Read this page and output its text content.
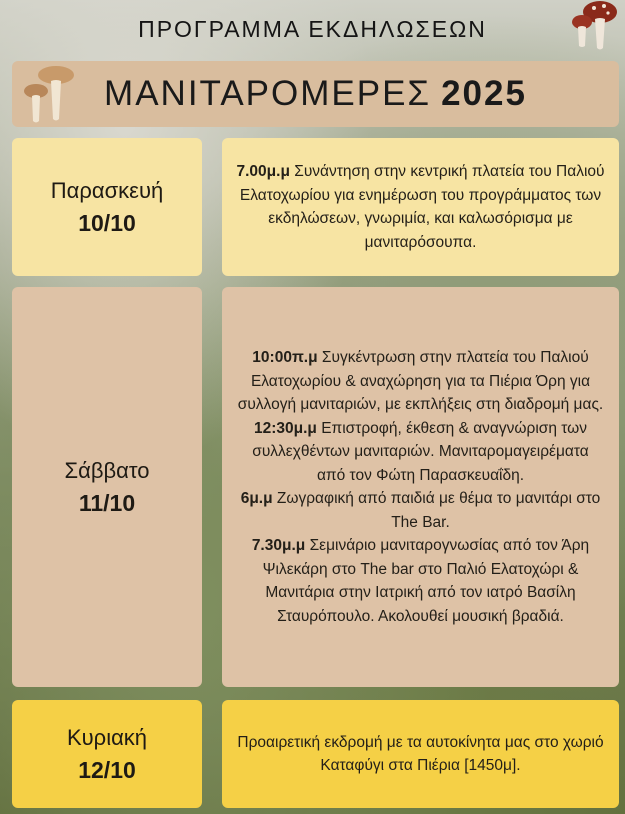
ΠΡΟΓΡΑΜΜΑ ΕΚΔΗΛΩΣΕΩΝ
ΜΑΝΙΤΑΡΟΜΕΡΕΣ 2025
Παρασκευή
10/10

7.00μ.μ Συνάντηση στην κεντρική πλατεία του Παλιού Ελατοχωρίου για ενημέρωση του προγράμματος των εκδηλώσεων, γνωριμία, και καλωσόρισμα με μανιταρόσουπα.

Σάββατο
11/10

10:00π.μ Συγκέντρωση στην πλατεία του Παλιού Ελατοχωρίου & αναχώρηση για τα Πιέρια Όρη για συλλογή μανιταριών, με εκπλήξεις στη διαδρομή μας.

12:30μ.μ Επιστροφή, έκθεση & αναγνώριση των συλλεχθέντων μανιταριών. Μανιταρομαγειρέματα από τον Φώτη Παρασκευαΐδη.

6μ.μ Ζωγραφική από παιδιά με θέμα το μανιτάρι στο The Bar.

7.30μ.μ Σεμινάριο μανιταρογνωσίας από τον Άρη Ψιλεκάρη στο The bar στο Παλιό Ελατοχώρι & Μανιτάρια στην Ιατρική από τον ιατρό Βασίλη Σταυρόπουλο. Ακολουθεί μουσική βραδιά.

Κυριακή
12/10

Προαιρετική εκδρομή με τα αυτοκίνητα μας στο χωριό Καταφύγι στα Πιέρια [1450μ].
